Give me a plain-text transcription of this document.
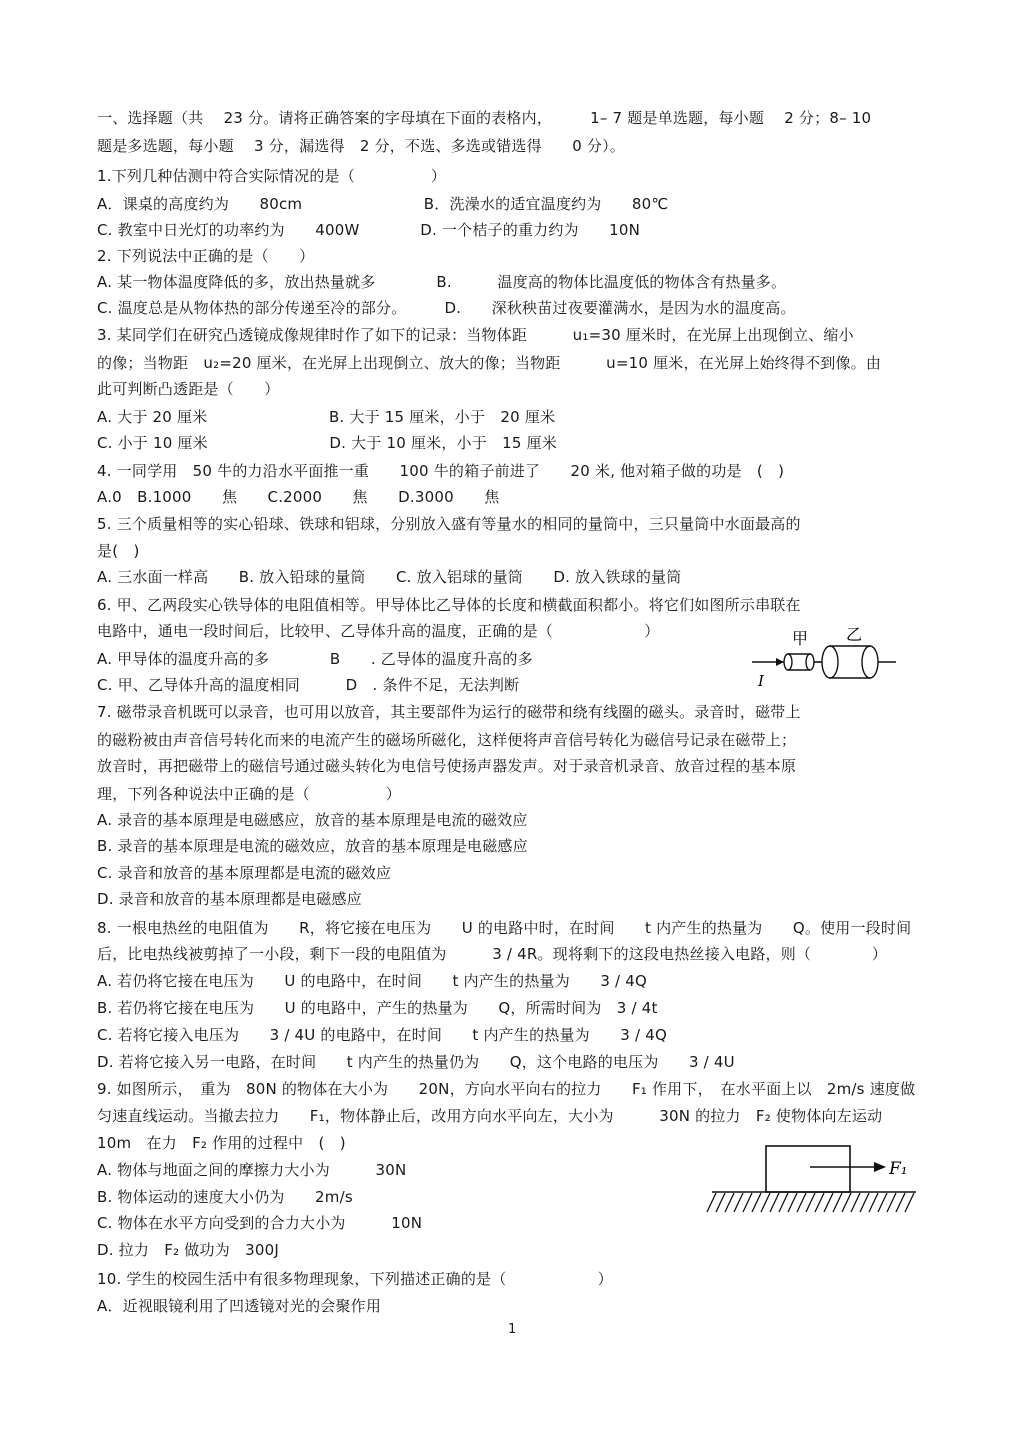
一、选择题（共　 23 分。请将正确答案的字母填在下面的表格内，　　　1– 7 题是单选题，每小题　 2 分；8– 10
题是多选题，每小题　 3 分，漏选得　2 分，不选、多选或错选得　　0 分）。
1.下列几种估测中符合实际情况的是（　　　　　）
A．课桌的高度约为　　80cm　　　　　　　　B．洗澡水的适宜温度约为　　80℃
C. 教室中日光灯的功率约为　　400W　　　　D. 一个桔子的重力约为　　10N
2. 下列说法中正确的是（　　）
A. 某一物体温度降低的多，放出热量就多　　　　B.　　　温度高的物体比温度低的物体含有热量多。
C. 温度总是从物体热的部分传递至冷的部分。　　　D.　　深秋秧苗过夜要灌满水，是因为水的温度高。
3. 某同学们在研究凸透镜成像规律时作了如下的记录：当物体距　　　u₁=30 厘米时，在光屏上出现倒立、缩小
的像；当物距　u₂=20 厘米，在光屏上出现倒立、放大的像；当物距　　　u=10 厘米，在光屏上始终得不到像。由
此可判断凸透距是（　　）
A. 大于 20 厘米　　　　　　　　B. 大于 15 厘米，小于　20 厘米
C. 小于 10 厘米　　　　　　　　D. 大于 10 厘米，小于　15 厘米
4. 一同学用　50 牛的力沿水平面推一重　　100 牛的箱子前进了　　20 米, 他对箱子做的功是　(　)
A.0　B.1000　　焦　　C.2000　　焦　　D.3000　　焦
5. 三个质量相等的实心铅球、铁球和铝球，分别放入盛有等量水的相同的量筒中，三只量筒中水面最高的
是(　)
A. 三水面一样高　　B. 放入铅球的量筒　　C. 放入铝球的量筒　　D. 放入铁球的量筒
6. 甲、乙两段实心铁导体的电阻值相等。甲导体比乙导体的长度和横截面积都小。将它们如图所示串联在
电路中，通电一段时间后，比较甲、乙导体升高的温度，正确的是（　　　　　　）
A. 甲导体的温度升高的多　　　　B　　. 乙导体的温度升高的多
C. 甲、乙导体升高的温度相同　　　D　. 条件不足，无法判断
7. 磁带录音机既可以录音，也可用以放音，其主要部件为运行的磁带和绕有线圈的磁头。录音时，磁带上
的磁粉被由声音信号转化而来的电流产生的磁场所磁化，这样便将声音信号转化为磁信号记录在磁带上；
放音时，再把磁带上的磁信号通过磁头转化为电信号使扬声器发声。对于录音机录音、放音过程的基本原
理，下列各种说法中正确的是（　　　　　）
A. 录音的基本原理是电磁感应，放音的基本原理是电流的磁效应
B. 录音的基本原理是电流的磁效应，放音的基本原理是电磁感应
C. 录音和放音的基本原理都是电流的磁效应
D. 录音和放音的基本原理都是电磁感应
8. 一根电热丝的电阻值为　　R，将它接在电压为　　U 的电路中时，在时间　　t 内产生的热量为　　Q。使用一段时间
后，比电热线被剪掉了一小段，剩下一段的电阻值为　　　3 / 4R。现将剩下的这段电热丝接入电路，则（　　　　）
A. 若仍将它接在电压为　　U 的电路中，在时间　　t 内产生的热量为　　3 / 4Q
B. 若仍将它接在电压为　　U 的电路中，产生的热量为　　Q，所需时间为　3 / 4t
C. 若将它接入电压为　　3 / 4U 的电路中，在时间　　t 内产生的热量为　　3 / 4Q
D. 若将它接入另一电路，在时间　　t 内产生的热量仍为　　Q，这个电路的电压为　　3 / 4U
9. 如图所示，　重为　80N 的物体在大小为　　20N，方向水平向右的拉力　　F₁ 作用下，　在水平面上以　2m/s 速度做
匀速直线运动。当撤去拉力　　F₁，物体静止后，改用方向水平向左，大小为　　　30N 的拉力　F₂ 使物体向左运动
10m　在力　F₂ 作用的过程中　(　)
A. 物体与地面之间的摩擦力大小为　　　30N
B. 物体运动的速度大小仍为　　2m/s
C. 物体在水平方向受到的合力大小为　　　10N
D. 拉力　F₂ 做功为　300J
10. 学生的校园生活中有很多物理现象，下列描述正确的是（　　　　　　）
A．近视眼镜利用了凹透镜对光的会聚作用
甲 乙
I
F₁
1
